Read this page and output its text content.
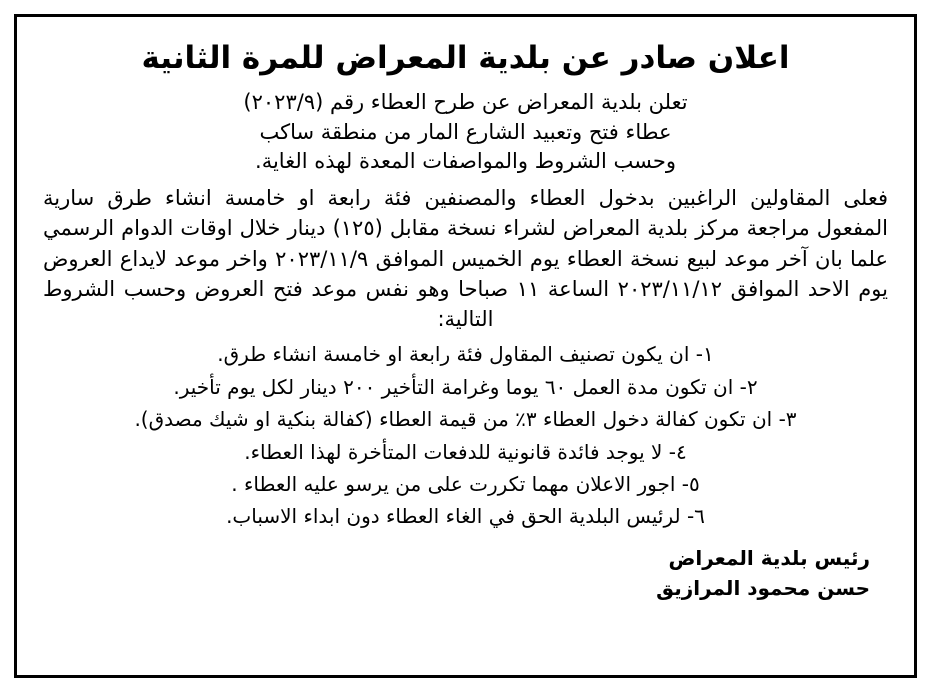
اعلان صادر عن بلدية المعراض للمرة الثانية
تعلن بلدية المعراض عن طرح العطاء رقم (٢٠٢٣/٩)
عطاء فتح وتعبيد الشارع المار من منطقة ساكب
وحسب الشروط والمواصفات المعدة لهذه الغاية.
فعلى المقاولين الراغبين بدخول العطاء والمصنفين فئة رابعة او خامسة انشاء طرق سارية المفعول مراجعة مركز بلدية المعراض لشراء نسخة مقابل (١٢٥) دينار خلال اوقات الدوام الرسمي علما بان آخر موعد لبيع نسخة العطاء يوم الخميس الموافق ٢٠٢٣/١١/٩ واخر موعد لايداع العروض يوم الاحد الموافق ٢٠٢٣/١١/١٢ الساعة ١١ صباحا وهو نفس موعد فتح العروض وحسب الشروط التالية:
١- ان يكون تصنيف المقاول فئة رابعة او خامسة انشاء طرق.
٢- ان تكون مدة العمل ٦٠ يوما وغرامة التأخير ٢٠٠ دينار لكل يوم تأخير.
٣- ان تكون كفالة دخول العطاء ٣٪ من قيمة العطاء (كفالة بنكية او شيك مصدق).
٤- لا يوجد فائدة قانونية للدفعات المتأخرة لهذا العطاء.
٥- اجور الاعلان مهما تكررت على من يرسو عليه العطاء .
٦- لرئيس البلدية الحق في الغاء العطاء دون ابداء الاسباب.
رئيس بلدية المعراض
حسن محمود المرازيق
